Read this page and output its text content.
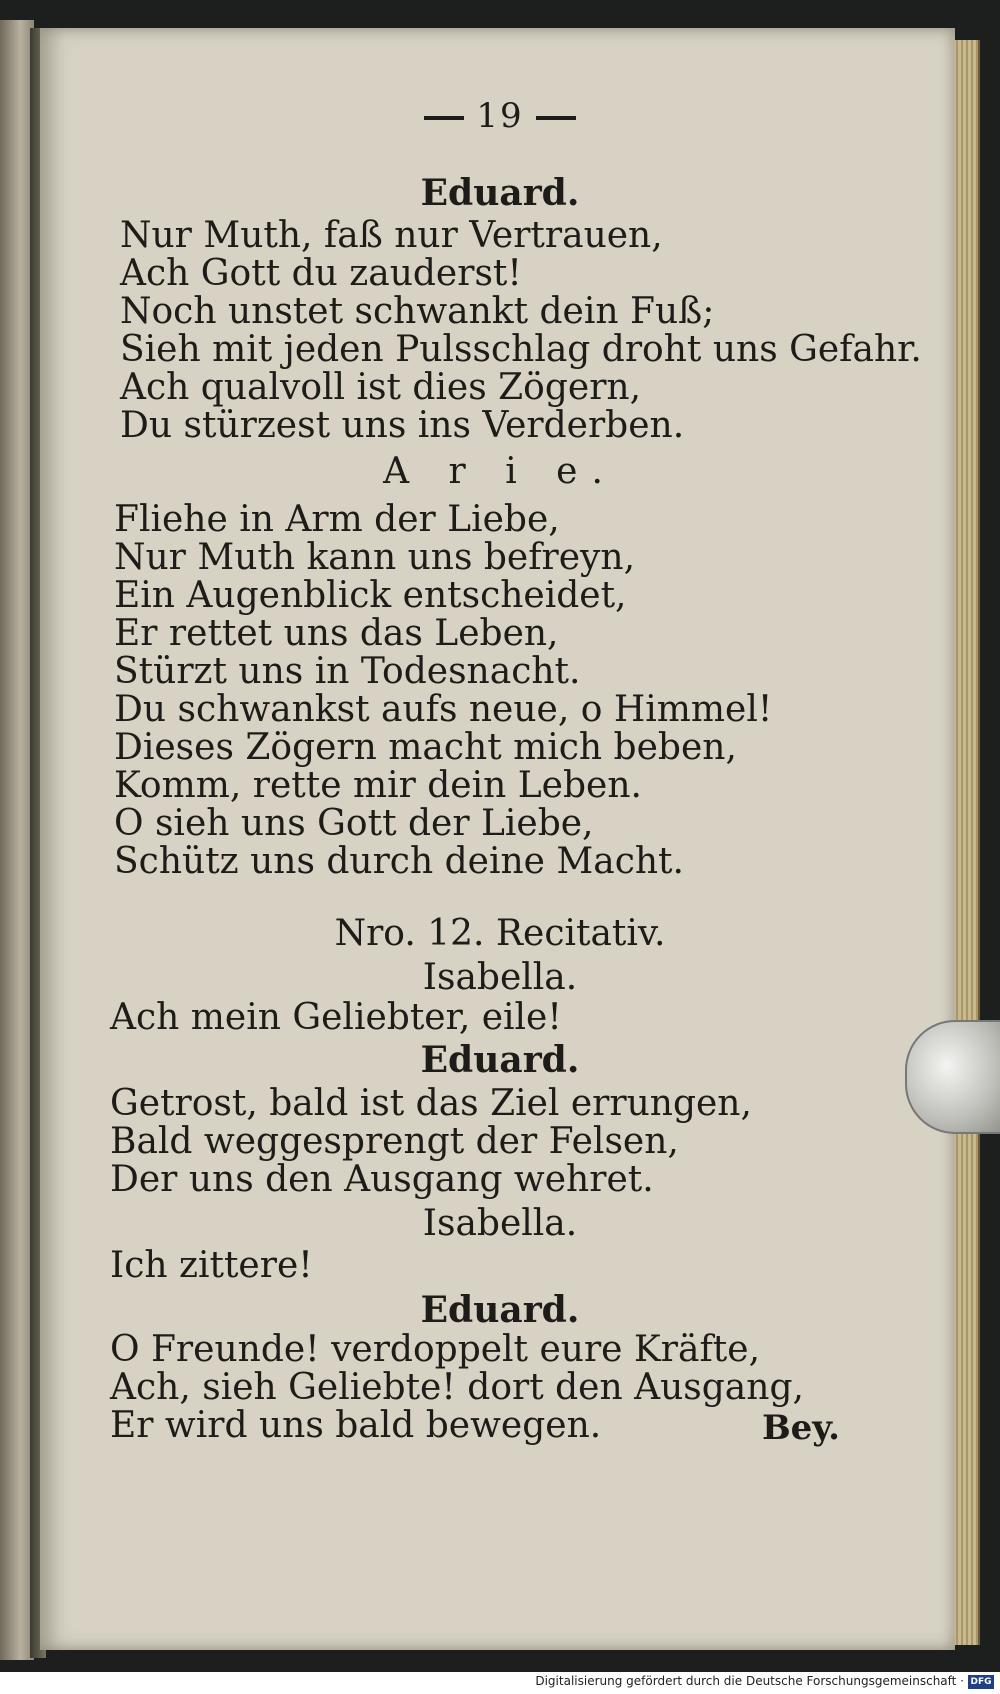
19
Eduard.
Nur Muth, faß nur Vertrauen,
Ach Gott du zauderst!
Noch unstet schwankt dein Fuß;
Sieh mit jeden Pulsschlag droht uns Gefahr.
Ach qualvoll ist dies Zögern,
Du stürzest uns ins Verderben.
A r i e.
Fliehe in Arm der Liebe,
Nur Muth kann uns befreyn,
Ein Augenblick entscheidet,
Er rettet uns das Leben,
Stürzt uns in Todesnacht.
Du schwankst aufs neue, o Himmel!
Dieses Zögern macht mich beben,
Komm, rette mir dein Leben.
O sieh uns Gott der Liebe,
Schütz uns durch deine Macht.
Nro. 12. Recitativ.
Isabella.
Ach mein Geliebter, eile!
Eduard.
Getrost, bald ist das Ziel errungen,
Bald weggesprengt der Felsen,
Der uns den Ausgang wehret.
Isabella.
Ich zittere!
Eduard.
O Freunde! verdoppelt eure Kräfte,
Ach, sieh Geliebte! dort den Ausgang,
Er wird uns bald bewegen.	Bey.
Digitalisierung gefördert durch die Deutsche Forschungsgemeinschaft · DFG
